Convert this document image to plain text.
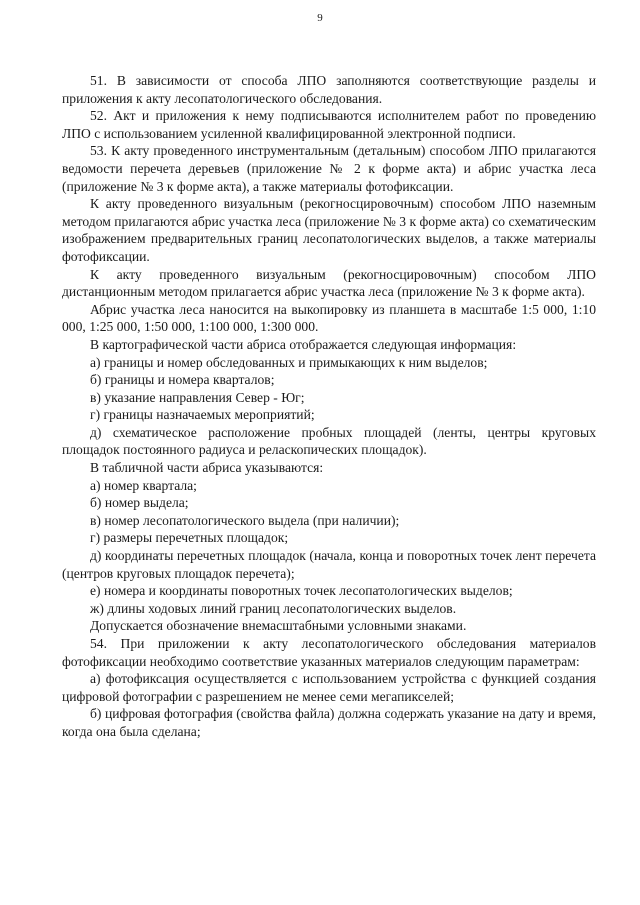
9

51. В зависимости от способа ЛПО заполняются соответствующие разделы и приложения к акту лесопатологического обследования.

52. Акт и приложения к нему подписываются исполнителем работ по проведению ЛПО с использованием усиленной квалифицированной электронной подписи.

53. К акту проведенного инструментальным (детальным) способом ЛПО прилагаются ведомости перечета деревьев (приложение № 2 к форме акта) и абрис участка леса (приложение № 3 к форме акта), а также материалы фотофиксации.

К акту проведенного визуальным (рекогносцировочным) способом ЛПО наземным методом прилагаются абрис участка леса (приложение № 3 к форме акта) со схематическим изображением предварительных границ лесопатологических выделов, а также материалы фотофиксации.

К акту проведенного визуальным (рекогносцировочным) способом ЛПО дистанционным методом прилагается абрис участка леса (приложение № 3 к форме акта).

Абрис участка леса наносится на выкопировку из планшета в масштабе 1:5 000, 1:10 000, 1:25 000, 1:50 000, 1:100 000, 1:300 000.

В картографической части абриса отображается следующая информация:

а) границы и номер обследованных и примыкающих к ним выделов;

б) границы и номера кварталов;

в) указание направления Север - Юг;

г) границы назначаемых мероприятий;

д) схематическое расположение пробных площадей (ленты, центры круговых площадок постоянного радиуса и реласкопических площадок).

В табличной части абриса указываются:

а) номер квартала;

б) номер выдела;

в) номер лесопатологического выдела (при наличии);

г) размеры перечетных площадок;

д) координаты перечетных площадок (начала, конца и поворотных точек лент перечета (центров круговых площадок перечета);

е) номера и координаты поворотных точек лесопатологических выделов;

ж) длины ходовых линий границ лесопатологических выделов.

Допускается обозначение внемасштабными условными знаками.

54. При приложении к акту лесопатологического обследования материалов фотофиксации необходимо соответствие указанных материалов следующим параметрам:

а) фотофиксация осуществляется с использованием устройства с функцией создания цифровой фотографии с разрешением не менее семи мегапикселей;

б) цифровая фотография (свойства файла) должна содержать указание на дату и время, когда она была сделана;
